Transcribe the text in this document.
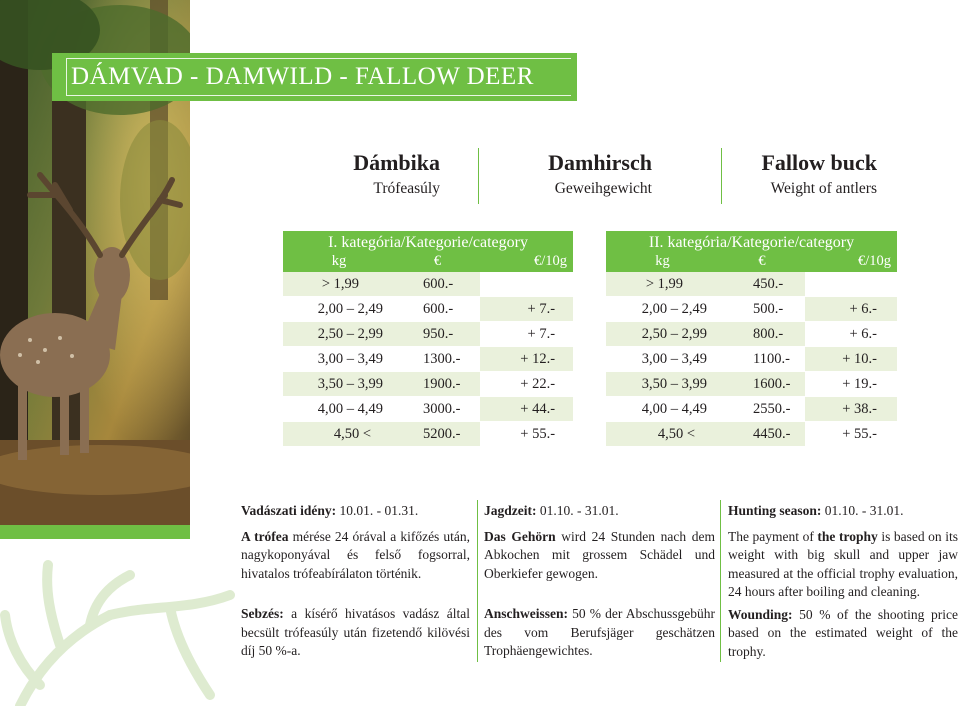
DÁMVAD - DAMWILD - FALLOW DEER
Dámbika
Trófeasúly
Damhirsch
Geweihgewicht
Fallow buck
Weight of antlers
I. kategória/Kategorie/category		
kg	€	€/10g
> 1,99	600.-	
2,00 – 2,49	600.-	+ 7.-
2,50 – 2,99	950.-	+ 7.-
3,00 – 3,49	1300.-	+ 12.-
3,50 – 3,99	1900.-	+ 22.-
4,00 – 4,49	3000.-	+ 44.-
4,50 <	5200.-	+ 55.-
II. kategória/Kategorie/category		
kg	€	€/10g
> 1,99	450.-	
2,00 – 2,49	500.-	+ 6.-
2,50 – 2,99	800.-	+ 6.-
3,00 – 3,49	1100.-	+ 10.-
3,50 – 3,99	1600.-	+ 19.-
4,00 – 4,49	2550.-	+ 38.-
4,50 <	4450.-	+ 55.-

Vadászati idény: 10.01. - 01.31.

A trófea mérése 24 órával a kifőzés után, nagykoponyával és felső fogsorral, hivatalos trófeabírálaton történik.

Sebzés: a kísérő hivatásos vadász által becsült trófeasúly után fizetendő kilövési díj 50 %-a.

Jagdzeit: 01.10. - 31.01.

Das Gehörn wird 24 Stunden nach dem Abkochen mit grossem Schädel und Oberkiefer gewogen.

Anschweissen: 50 % der Abschussgebühr des vom Berufsjäger geschätzen Trophäengewichtes.

Hunting season: 01.10. - 31.01.

The payment of the trophy is based on its weight with big skull and upper jaw measured at the official trophy evaluation, 24 hours after boiling and cleaning.

Wounding: 50 % of the shooting price based on the estimated weight of the trophy.
